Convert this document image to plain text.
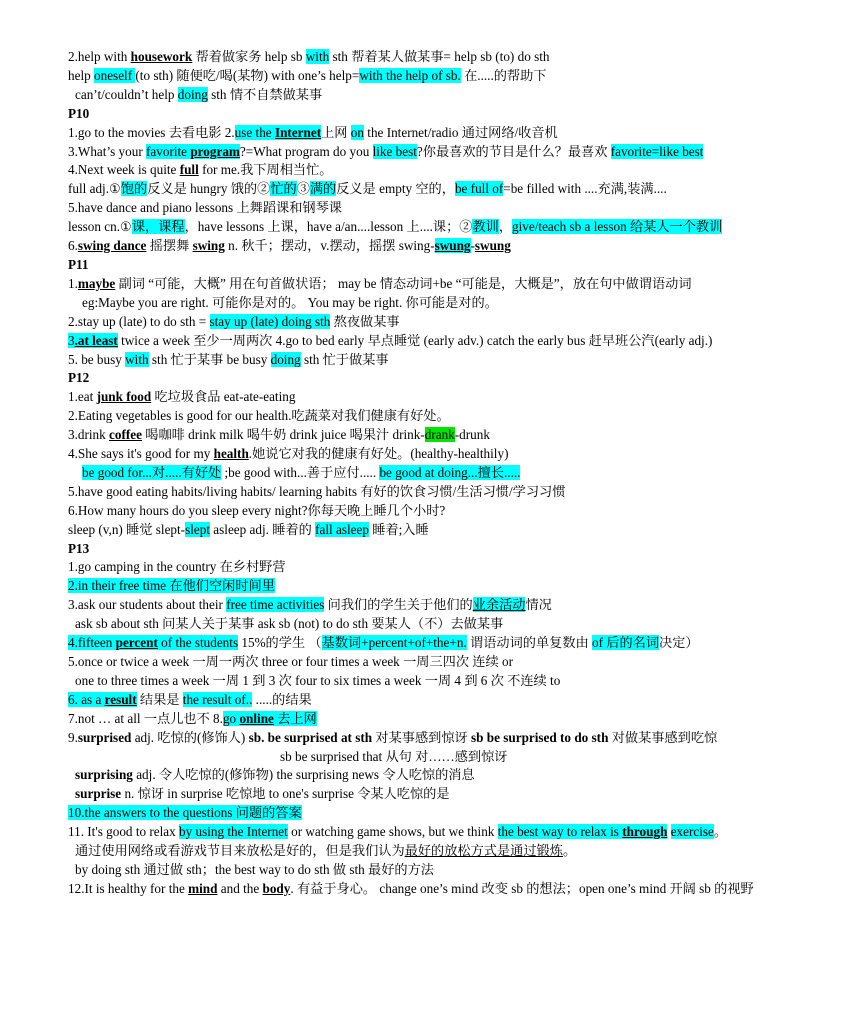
2.help with housework 帮着做家务 help sb with sth 帮着某人做某事= help sb (to) do sth
help oneself (to sth) 随便吃/喝(某物) with one’s help=with the help of sb. 在.....的帮助下
can’t/couldn’t help doing sth 情不自禁做某事
P10
1.go to the movies 去看电影 2.use the Internet上网 on the Internet/radio 通过网络/收音机
3.What’s your favorite program?=What program do you like best?你最喜欢的节目是什么？最喜欢 favorite=like best
4.Next week is quite full for me.我下周相当忙。
full adj.①饱的反义是 hungry 饿的②忙的③满的反义是 empty 空的，be full of=be filled with ....充满,装满....
5.have dance and piano lessons 上舞蹈课和钢琴课
lesson cn.①课，课程，have lessons 上课，have a/an....lesson 上....课；②教训，give/teach sb a lesson 给某人一个教训
6.swing dance 摇摆舞 swing n. 秋千；摆动，v.摆动，摇摆 swing-swung-swung
P11
1.maybe 副词 “可能，大概” 用在句首做状语； may be 情态动词+be “可能是，大概是”，放在句中做谓语动词
eg:Maybe you are right. 可能你是对的。 You may be right. 你可能是对的。
2.stay up (late) to do sth = stay up (late) doing sth 熬夜做某事
3.at least twice a week 至少一周两次 4.go to bed early 早点睡觉 (early adv.) catch the early bus 赶早班公汽(early adj.)
5. be busy with sth 忙于某事 be busy doing sth 忙于做某事
P12
1.eat junk food 吃垃圾食品 eat-ate-eating
2.Eating vegetables is good for our health.吃蔬菜对我们健康有好处。
3.drink coffee 喝咖啡 drink milk 喝牛奶 drink juice 喝果汁 drink-drank-drunk
4.She says it's good for my health.她说它对我的健康有好处。(healthy-healthily)
be good for...对.....有好处 ;be good with...善于应付..... be good at doing...擅长.....
5.have good eating habits/living habits/ learning habits 有好的饮食习惯/生活习惯/学习习惯
6.How many hours do you sleep every night?你每天晚上睡几个小时?
sleep (v,n) 睡觉 slept-slept asleep adj. 睡着的 fall asleep 睡着;入睡
P13
1.go camping in the country 在乡村野营
2.in their free time 在他们空闲时间里
3.ask our students about their free time activities 问我们的学生关于他们的业余活动情况
ask sb about sth 问某人关于某事 ask sb (not) to do sth 要某人（不）去做某事
4.fifteen percent of the students 15%的学生 （基数词+percent+of+the+n. 谓语动词的单复数由 of 后的名词决定）
5.once or twice a week 一周一两次 three or four times a week 一周三四次 连续 or
one to three times a week 一周 1 到 3 次 four to six times a week 一周 4 到 6 次 不连续 to
6. as a result 结果是 the result of.. .....的结果
7.not … at all 一点儿也不 8.go online 去上网
9.surprised adj. 吃惊的(修饰人) sb. be surprised at sth 对某事感到惊讶 sb be surprised to do sth 对做某事感到吃惊
sb be surprised that 从句 对……感到惊讶
surprising adj. 令人吃惊的(修饰物) the surprising news 令人吃惊的消息
surprise n. 惊讶 in surprise 吃惊地 to one's surprise 令某人吃惊的是
10.the answers to the questions 问题的答案
11. It's good to relax by using the Internet or watching game shows, but we think the best way to relax is through exercise。
通过使用网络或看游戏节目来放松是好的，但是我们认为最好的放松方式是通过锻炼。
by doing sth 通过做 sth；the best way to do sth 做 sth 最好的方法
12.It is healthy for the mind and the body. 有益于身心。 change one’s mind 改变 sb 的想法；open one’s mind 开阔 sb 的视野
